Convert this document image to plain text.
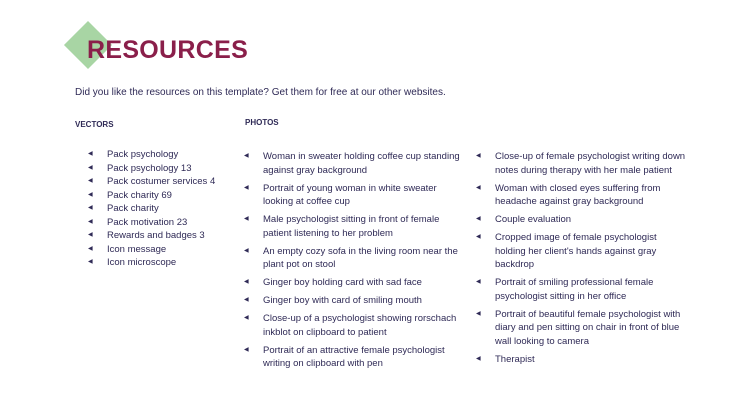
RESOURCES

Did you like the resources on this template? Get them for free at our other websites.

VECTORS

◀ Pack psychology
◀ Pack psychology 13
◀ Pack costumer services 4
◀ Pack charity 69
◀ Pack charity
◀ Pack motivation 23
◀ Rewards and badges 3
◀ Icon message
◀ Icon microscope

PHOTOS

◀ Woman in sweater holding coffee cup standing against gray background
◀ Portrait of young woman in white sweater looking at coffee cup
◀ Male psychologist sitting in front of female patient listening to her problem
◀ An empty cozy sofa in the living room near the plant pot on stool
◀ Ginger boy holding card with sad face
◀ Ginger boy with card of smiling mouth
◀ Close-up of a psychologist showing rorschach inkblot on clipboard to patient
◀ Portrait of an attractive female psychologist writing on clipboard with pen
◀ Close-up of female psychologist writing down notes during therapy with her male patient
◀ Woman with closed eyes suffering from headache against gray background
◀ Couple evaluation
◀ Cropped image of female psychologist holding her client's hands against gray backdrop
◀ Portrait of smiling professional female psychologist sitting in her office
◀ Portrait of beautiful female psychologist with diary and pen sitting on chair in front of blue wall looking to camera
◀ Therapist
